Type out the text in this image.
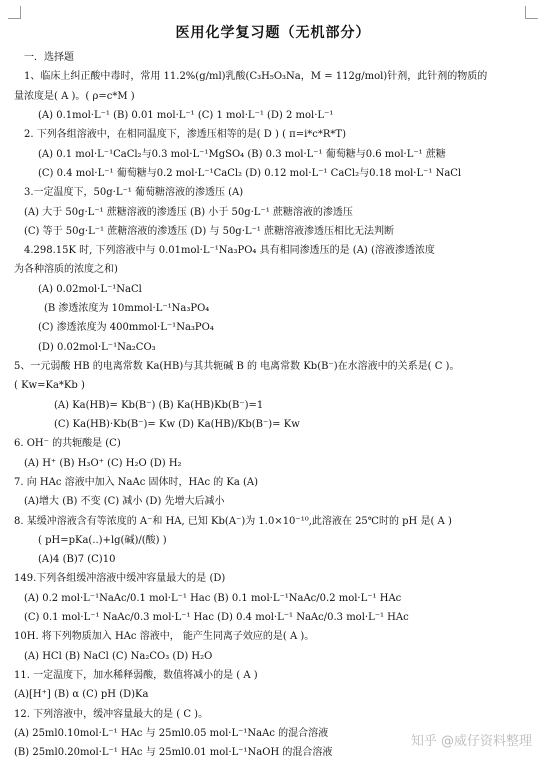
医用化学复习题（无机部分）
一．选择题
1、临床上纠正酸中毒时，常用 11.2%(g/ml)乳酸(C₃H₅O₃Na，M = 112g/mol)针剂，此针剂的物质的
量浓度是( A )。( ρ=c*M )
(A) 0.1mol·L⁻¹ (B) 0.01 mol·L⁻¹ (C) 1 mol·L⁻¹ (D) 2 mol·L⁻¹
2. 下列各组溶液中，在相同温度下，渗透压相等的是( D ) ( π=i*c*R*T)
(A) 0.1 mol·L⁻¹CaCl₂与0.3 mol·L⁻¹MgSO₄ (B) 0.3 mol·L⁻¹ 葡萄糖与0.6 mol·L⁻¹ 蔗糖
(C) 0.4 mol·L⁻¹ 葡萄糖与0.2 mol·L⁻¹CaCl₂ (D) 0.12 mol·L⁻¹ CaCl₂与0.18 mol·L⁻¹ NaCl
3.一定温度下，50g·L⁻¹ 葡萄糖溶液的渗透压 (A)
(A) 大于 50g·L⁻¹ 蔗糖溶液的渗透压 (B) 小于 50g·L⁻¹ 蔗糖溶液的渗透压
(C) 等于 50g·L⁻¹ 蔗糖溶液的渗透压 (D) 与 50g·L⁻¹ 蔗糖溶液渗透压相比无法判断
4.298.15K 时, 下列溶液中与 0.01mol·L⁻¹Na₃PO₄ 具有相同渗透压的是 (A) (溶液渗透浓度
为各种溶质的浓度之和)
(A) 0.02mol·L⁻¹NaCl
(B 渗透浓度为 10mmol·L⁻¹Na₃PO₄
(C) 渗透浓度为 400mmol·L⁻¹Na₃PO₄
(D) 0.02mol·L⁻¹Na₂CO₃
5、一元弱酸 HB 的电离常数 Ka(HB)与其共轭碱 B 的 电离常数 Kb(B⁻)在水溶液中的关系是( C )。
( Kw=Ka*Kb )
(A) Ka(HB)= Kb(B⁻) (B) Ka(HB)Kb(B⁻)=1
(C) Ka(HB)·Kb(B⁻)= Kw (D) Ka(HB)/Kb(B⁻)= Kw
6. OH⁻ 的共轭酸是 (C)
(A) H⁺ (B) H₃O⁺ (C) H₂O (D) H₂
7. 向 HAc 溶液中加入 NaAc 固体时，HAc 的 Ka (A)
(A)增大 (B) 不变 (C) 减小 (D) 先增大后减小
8. 某缓冲溶液含有等浓度的 A⁻和 HA, 已知 Kb(A⁻)为 1.0×10⁻¹⁰,此溶液在 25℃时的 pH 是( A )
( pH=pKa(..)+lg(碱)/(酸) )
(A)4 (B)7 (C)10
149.下列各组缓冲溶液中缓冲容量最大的是 (D)
(A) 0.2 mol·L⁻¹NaAc/0.1 mol·L⁻¹ Hac (B) 0.1 mol·L⁻¹NaAc/0.2 mol·L⁻¹ HAc
(C) 0.1 mol·L⁻¹ NaAc/0.3 mol·L⁻¹ Hac (D) 0.4 mol·L⁻¹ NaAc/0.3 mol·L⁻¹ HAc
10H. 将下列物质加入 HAc 溶液中， 能产生同离子效应的是( A )。
(A) HCl (B) NaCl (C) Na₂CO₃ (D) H₂O
11. 一定温度下，加水稀释弱酸，数值将减小的是 ( A )
(A)[H⁺] (B) α (C) pH (D)Ka
12. 下列溶液中，缓冲容量最大的是 ( C )。
(A) 25ml0.10mol·L⁻¹ HAc 与 25ml0.05 mol·L⁻¹NaAc 的混合溶液
(B) 25ml0.20mol·L⁻¹ HAc 与 25ml0.01 mol·L⁻¹NaOH 的混合溶液
知乎 @威仔资料整理
